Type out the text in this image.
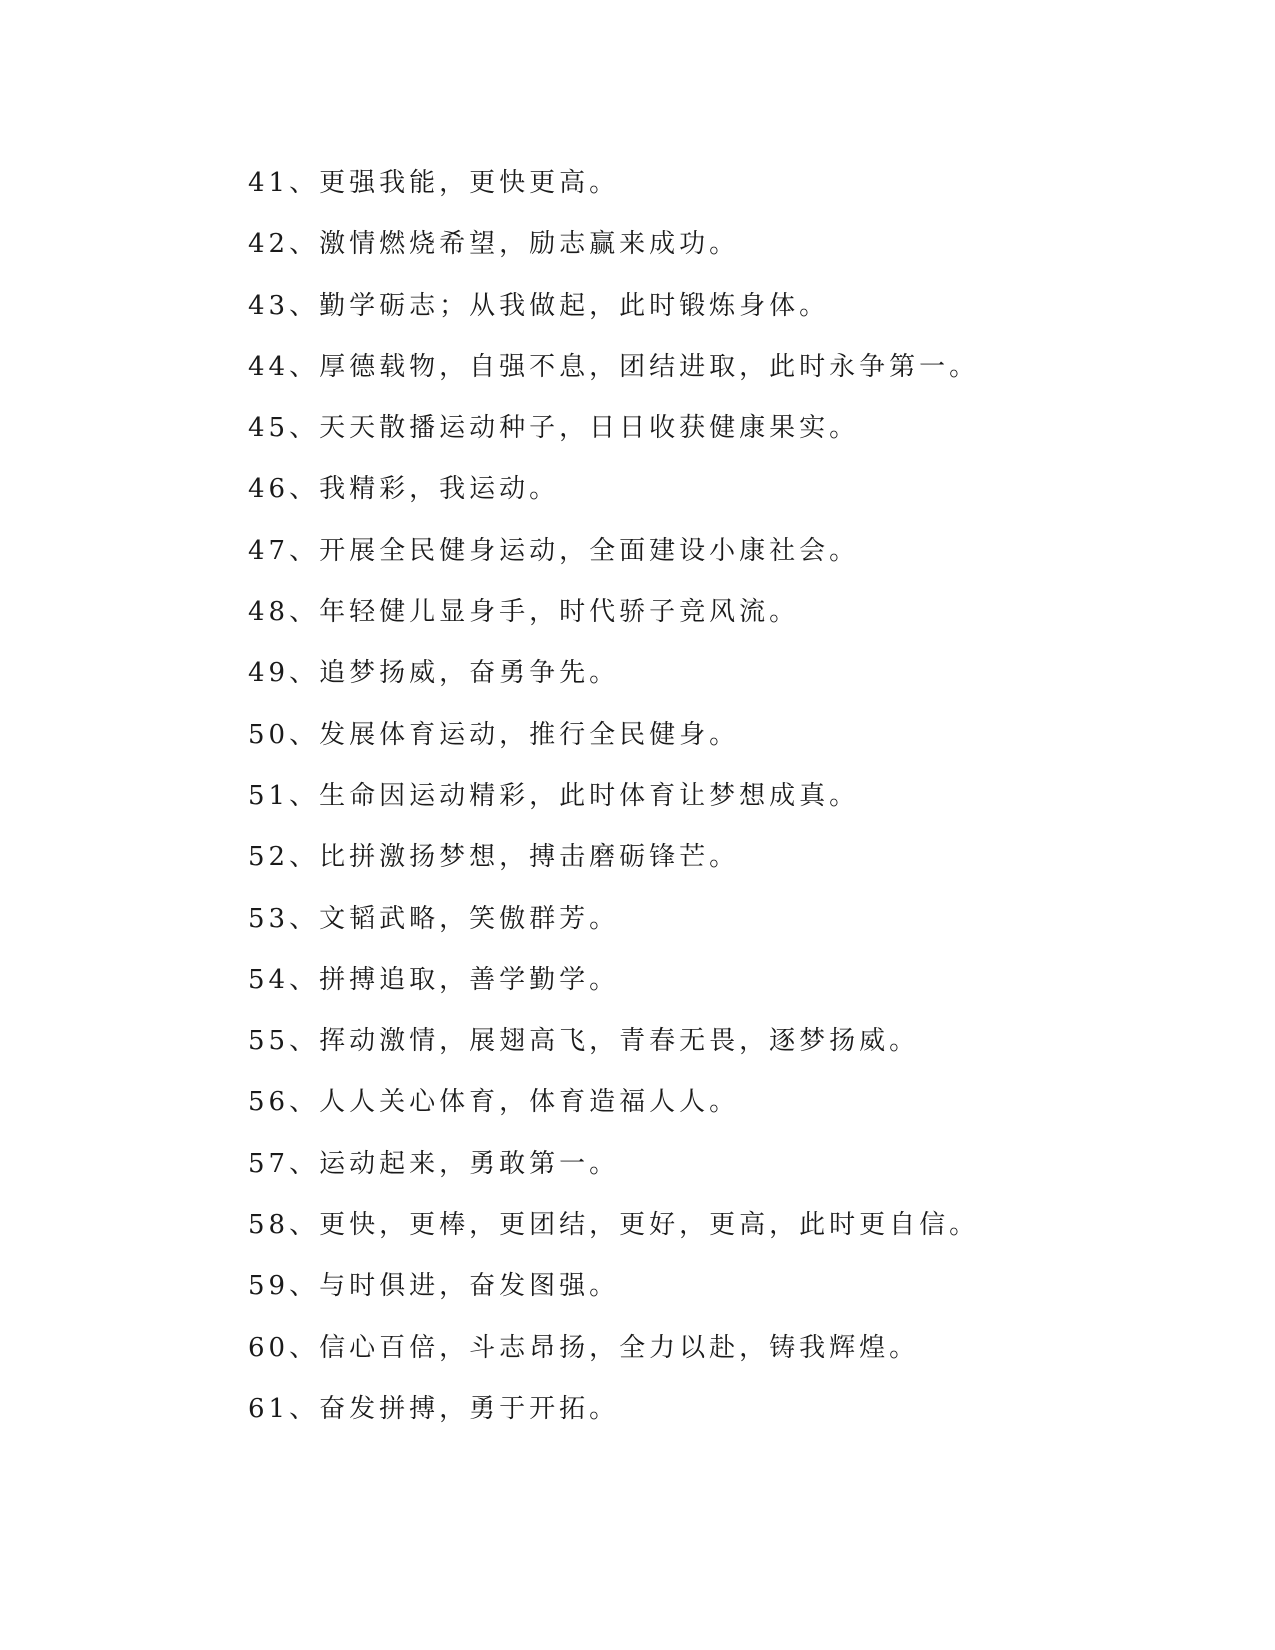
41、更强我能，更快更高。
42、激情燃烧希望，励志赢来成功。
43、勤学砺志；从我做起，此时锻炼身体。
44、厚德载物，自强不息，团结进取，此时永争第一。
45、天天散播运动种子，日日收获健康果实。
46、我精彩，我运动。
47、开展全民健身运动，全面建设小康社会。
48、年轻健儿显身手，时代骄子竞风流。
49、追梦扬威，奋勇争先。
50、发展体育运动，推行全民健身。
51、生命因运动精彩，此时体育让梦想成真。
52、比拼激扬梦想，搏击磨砺锋芒。
53、文韬武略，笑傲群芳。
54、拼搏追取，善学勤学。
55、挥动激情，展翅高飞，青春无畏，逐梦扬威。
56、人人关心体育，体育造福人人。
57、运动起来，勇敢第一。
58、更快，更棒，更团结，更好，更高，此时更自信。
59、与时俱进，奋发图强。
60、信心百倍，斗志昂扬，全力以赴，铸我辉煌。
61、奋发拼搏，勇于开拓。
